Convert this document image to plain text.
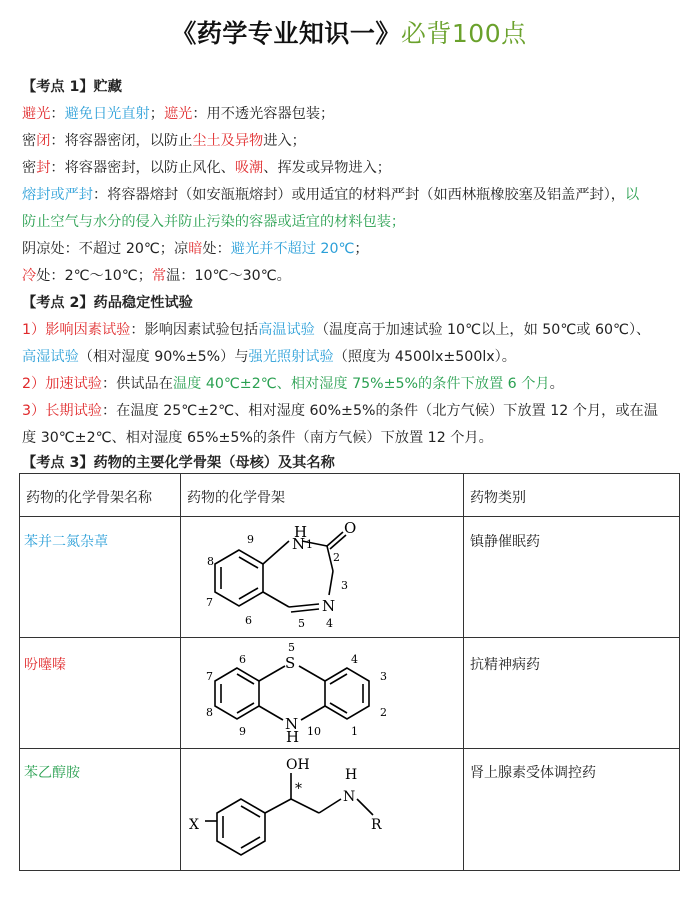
《药学专业知识一》必背100点
【考点 1】贮藏
避光：避免日光直射；遮光：用不透光容器包装；
密闭：将容器密闭，以防止尘土及异物进入；
密封：将容器密封，以防止风化、吸潮、挥发或异物进入；
熔封或严封：将容器熔封（如安瓿瓶熔封）或用适宜的材料严封（如西林瓶橡胶塞及铝盖严封），以
防止空气与水分的侵入并防止污染的容器或适宜的材料包装；
阴凉处：不超过 20℃；凉暗处：避光并不超过 20℃；
冷处：2℃～10℃；常温：10℃～30℃。
【考点 2】药品稳定性试验
1）影响因素试验：影响因素试验包括高温试验（温度高于加速试验 10℃以上，如 50℃或 60℃）、
高湿试验（相对湿度 90%±5%）与强光照射试验（照度为 4500lx±500lx）。
2）加速试验：供试品在温度 40℃±2℃、相对湿度 75%±5%的条件下放置 6 个月。
3）长期试验：在温度 25℃±2℃、相对湿度 60%±5%的条件（北方气候）下放置 12 个月，或在温
度 30℃±2℃、相对湿度 65%±5%的条件（南方气候）下放置 12 个月。
【考点 3】药物的主要化学骨架（母核）及其名称
药物的化学骨架名称	药物的化学骨架	药物类别
苯并二氮杂䓬	镇静催眠药
吩噻嗪	抗精神病药
苯乙醇胺	肾上腺素受体调控药
H
N
O
N
1
2
3
4
5
6
7
8
9
S
N
H	1
2
3
4
5
6
7
8
9	10
OH
*
H
N
R
X
